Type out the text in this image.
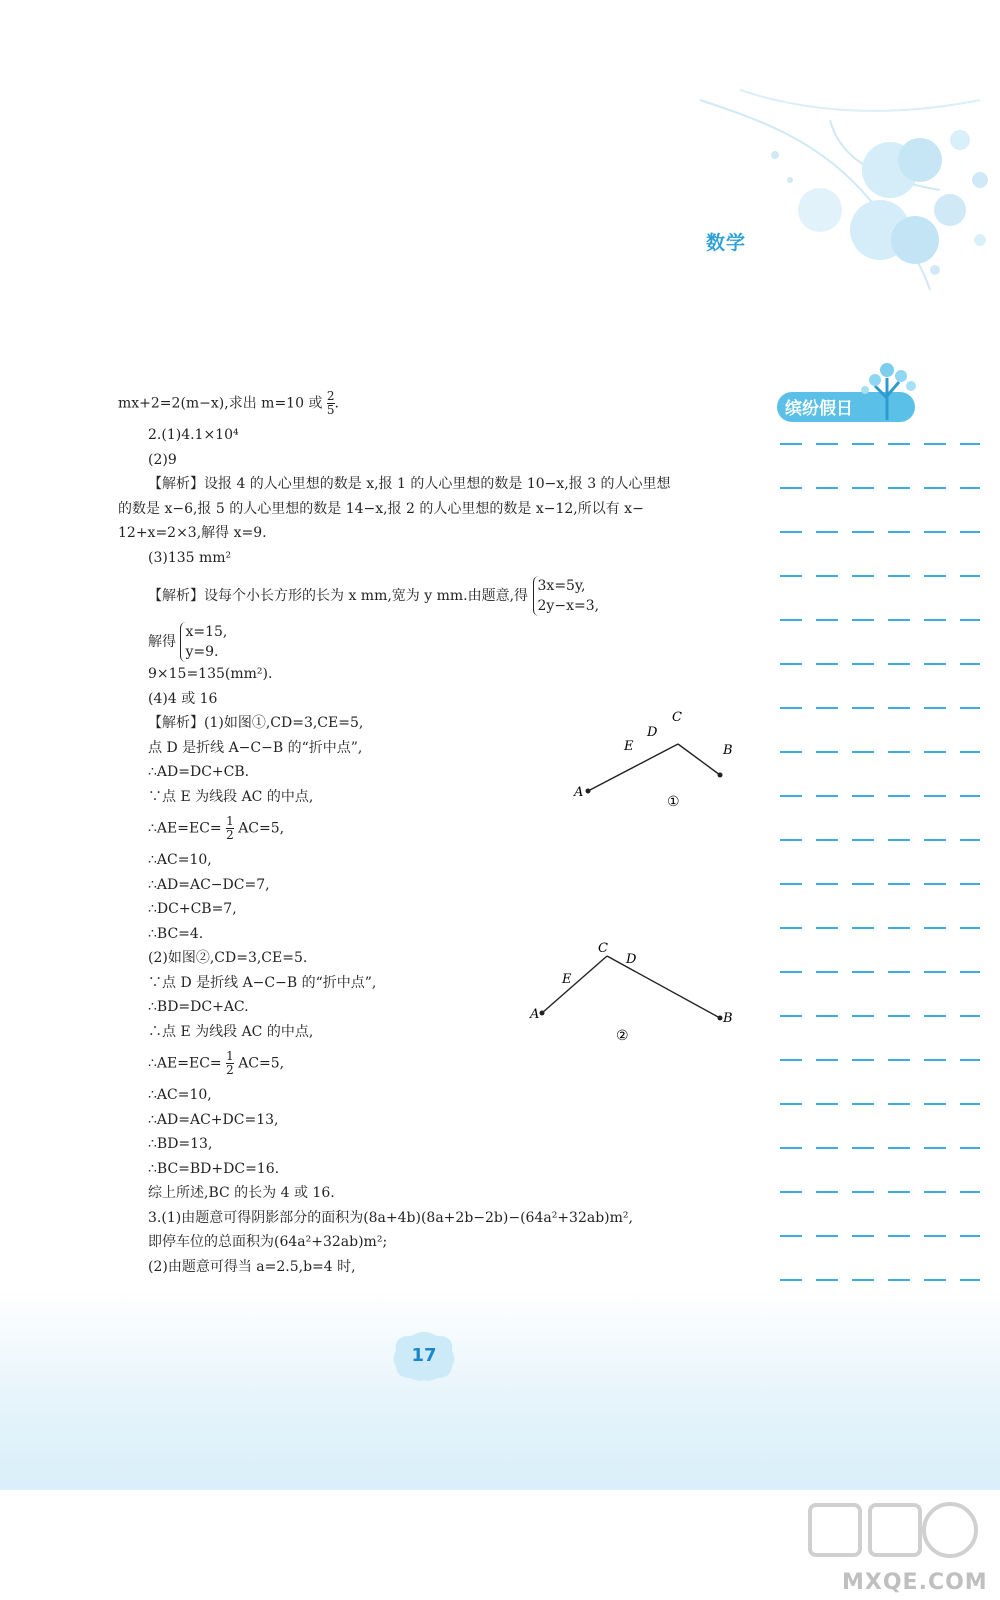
数学
缤纷假日
mx+2=2(m−x),求出 m=10 或 $\frac{2}{5}$ .
2.(1)4.1×10⁴
(2)9
【解析】设报 4 的人心里想的数是 x,报 1 的人心里想的数是 10−x,报 3 的人心里想
的数是 x−6,报 5 的人心里想的数是 14−x,报 2 的人心里想的数是 x−12,所以有 x−
12+x=2×3,解得 x=9.
(3)135 mm²
【解析】设每个小长方形的长为 x mm,宽为 y mm.由题意,得
3x=5y,
2y−x=3,
解得
x=15,
y=9.
9×15=135(mm²).
(4)4 或 16
【解析】(1)如图①,CD=3,CE=5,
点 D 是折线 A−C−B 的“折中点”,
∴AD=DC+CB.
∵点 E 为线段 AC 的中点,
∴AE=EC= $\frac{1}{2} AC=5$,
∴AC=10,
∴AD=AC−DC=7,
∴DC+CB=7,
∴BC=4.
(2)如图②,CD=3,CE=5.
∵点 D 是折线 A−C−B 的“折中点”,
∴BD=DC+AC.
∴点 E 为线段 AC 的中点,
∴AE=EC= $\frac{1}{2} AC=5$,
∴AC=10,
∴AD=AC+DC=13,
∴BD=13,
∴BC=BD+DC=16.
综上所述,BC 的长为 4 或 16.
3.(1)由题意可得阴影部分的面积为(8a+4b)(8a+2b−2b)−(64a²+32ab)m²,
即停车位的总面积为(64a²+32ab)m²;
(2)由题意可得当 a=2.5,b=4 时,
A
E
D
C
B
①
A
E
C
D
B
②
17
MXQE.COM
